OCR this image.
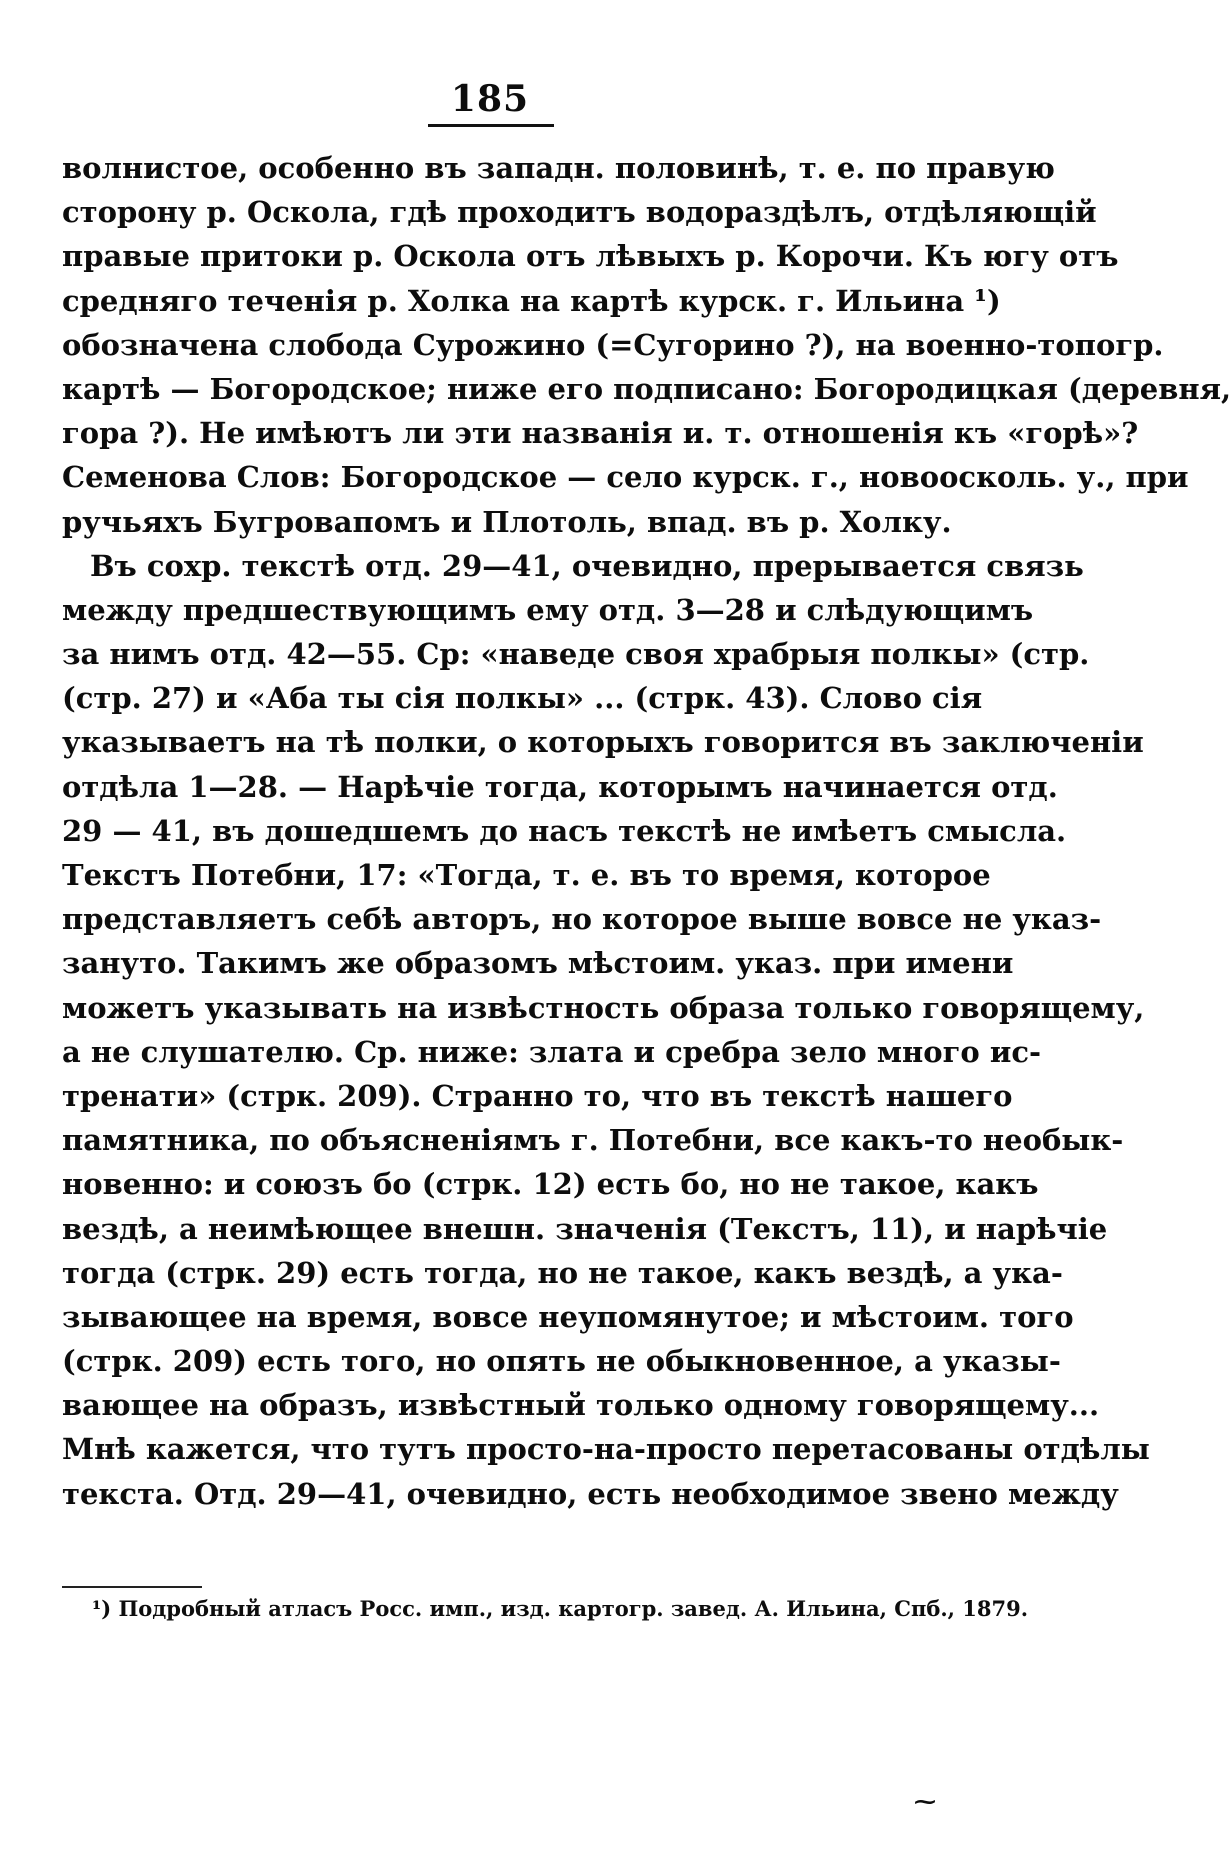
185
волнистое, особенно въ западн. половинѣ, т. е. по правую
сторону р. Оскола, гдѣ проходитъ водораздѣлъ, отдѣляющій
правые притоки р. Оскола отъ лѣвыхъ р. Корочи. Къ югу отъ
средняго теченія р. Холка на картѣ курск. г. Ильина ¹)
обозначена слобода Сурожино (=Сугорино ?), на военно-топогр.
картѣ — Богородское; ниже его подписано: Богородицкая (деревня,
гора ?). Не имѣютъ ли эти названія и. т. отношенія къ «горѣ»?
Семенова Слов: Богородское — село курск. г., новоосколь. у., при
ручьяхъ Бугровапомъ и Плотоль, впад. въ р. Холку.
Въ сохр. текстѣ отд. 29—41, очевидно, прерывается связь
между предшествующимъ ему отд. 3—28 и слѣдующимъ
за нимъ отд. 42—55. Ср: «наведе своя храбрыя полкы» (стр.
(стр. 27) и «Аба ты сія полкы» ... (стрк. 43). Слово сія
указываетъ на тѣ полки, о которыхъ говорится въ заключеніи
отдѣла 1—28. — Нарѣчіе тогда, которымъ начинается отд.
29 — 41, въ дошедшемъ до насъ текстѣ не имѣетъ смысла.
Текстъ Потебни, 17: «Тогда, т. е. въ то время, которое
представляетъ себѣ авторъ, но которое выше вовсе не указ-
зануто. Такимъ же образомъ мѣстоим. указ. при имени
можетъ указывать на извѣстность образа только говорящему,
а не слушателю. Ср. ниже: злата и сребра зело много ис-
тренати» (стрк. 209). Странно то, что въ текстѣ нашего
памятника, по объясненіямъ г. Потебни, все какъ-то необык-
новенно: и союзъ бо (стрк. 12) есть бо, но не такое, какъ
вездѣ, а неимѣющее внешн. значенія (Текстъ, 11), и нарѣчіе
тогда (стрк. 29) есть тогда, но не такое, какъ вездѣ, а ука-
зывающее на время, вовсе неупомянутое; и мѣстоим. того
(стрк. 209) есть того, но опять не обыкновенное, а указы-
вающее на образъ, извѣстный только одному говорящему...
Мнѣ кажется, что тутъ просто-на-просто перетасованы отдѣлы
текста. Отд. 29—41, очевидно, есть необходимое звено между
¹) Подробный атласъ Росс. имп., изд. картогр. завед. А. Ильина, Спб., 1879.
⁓
